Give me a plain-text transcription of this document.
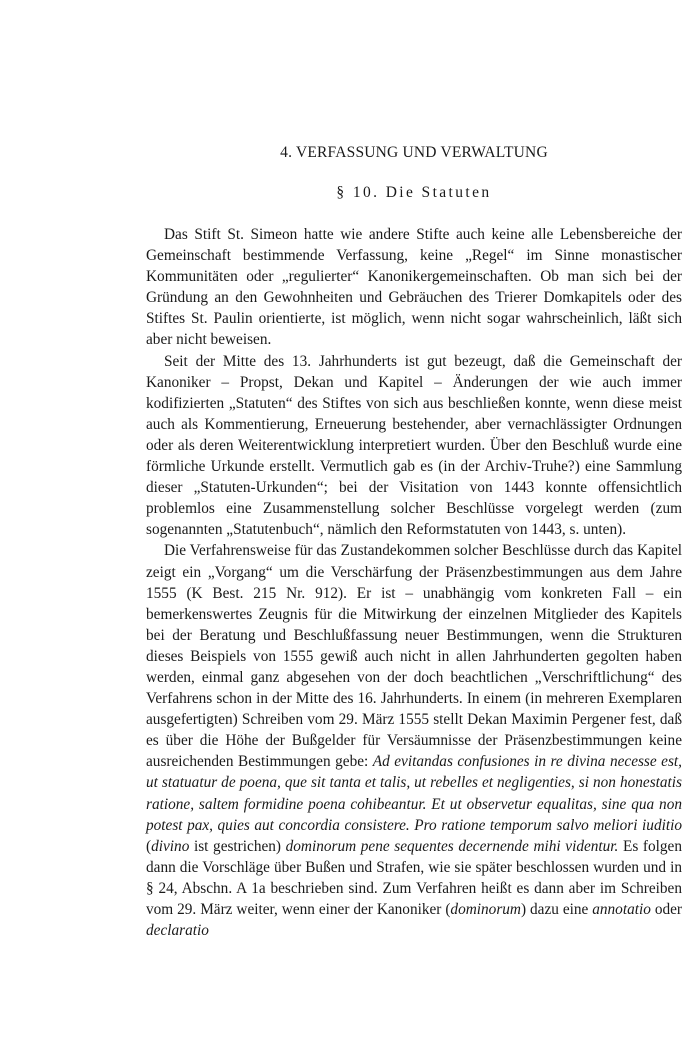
4. VERFASSUNG UND VERWALTUNG
§ 10. Die Statuten

Das Stift St. Simeon hatte wie andere Stifte auch keine alle Lebensbereiche der Gemeinschaft bestimmende Verfassung, keine „Regel“ im Sinne monastischer Kommunitäten oder „regulierter“ Kanonikergemeinschaften. Ob man sich bei der Gründung an den Gewohnheiten und Gebräuchen des Trierer Domkapitels oder des Stiftes St. Paulin orientierte, ist möglich, wenn nicht sogar wahrscheinlich, läßt sich aber nicht beweisen.

Seit der Mitte des 13. Jahrhunderts ist gut bezeugt, daß die Gemeinschaft der Kanoniker – Propst, Dekan und Kapitel – Änderungen der wie auch immer kodifizierten „Statuten“ des Stiftes von sich aus beschließen konnte, wenn diese meist auch als Kommentierung, Erneuerung bestehender, aber vernachlässigter Ordnungen oder als deren Weiterentwicklung interpretiert wurden. Über den Beschluß wurde eine förmliche Urkunde erstellt. Vermutlich gab es (in der Archiv-Truhe?) eine Sammlung dieser „Statuten-Urkunden“; bei der Visitation von 1443 konnte offensichtlich problemlos eine Zusammenstellung solcher Beschlüsse vorgelegt werden (zum sogenannten „Statutenbuch“, nämlich den Reformstatuten von 1443, s. unten).

Die Verfahrensweise für das Zustandekommen solcher Beschlüsse durch das Kapitel zeigt ein „Vorgang“ um die Verschärfung der Präsenzbestimmungen aus dem Jahre 1555 (K Best. 215 Nr. 912). Er ist – unabhängig vom konkreten Fall – ein bemerkenswertes Zeugnis für die Mitwirkung der einzelnen Mitglieder des Kapitels bei der Beratung und Beschlußfassung neuer Bestimmungen, wenn die Strukturen dieses Beispiels von 1555 gewiß auch nicht in allen Jahrhunderten gegolten haben werden, einmal ganz abgesehen von der doch beachtlichen „Verschriftlichung“ des Verfahrens schon in der Mitte des 16. Jahrhunderts. In einem (in mehreren Exemplaren ausgefertigten) Schreiben vom 29. März 1555 stellt Dekan Maximin Pergener fest, daß es über die Höhe der Bußgelder für Versäumnisse der Präsenzbestimmungen keine ausreichenden Bestimmungen gebe: Ad evitandas confusiones in re divina necesse est, ut statuatur de poena, que sit tanta et talis, ut rebelles et negligenties, si non honestatis ratione, saltem formidine poena cohibeantur. Et ut observetur equalitas, sine qua non potest pax, quies aut concordia consistere. Pro ratione temporum salvo meliori iuditio (divino ist gestrichen) dominorum pene sequentes decernende mihi videntur. Es folgen dann die Vorschläge über Bußen und Strafen, wie sie später beschlossen wurden und in § 24, Abschn. A 1a beschrieben sind. Zum Verfahren heißt es dann aber im Schreiben vom 29. März weiter, wenn einer der Kanoniker (dominorum) dazu eine annotatio oder declaratio
